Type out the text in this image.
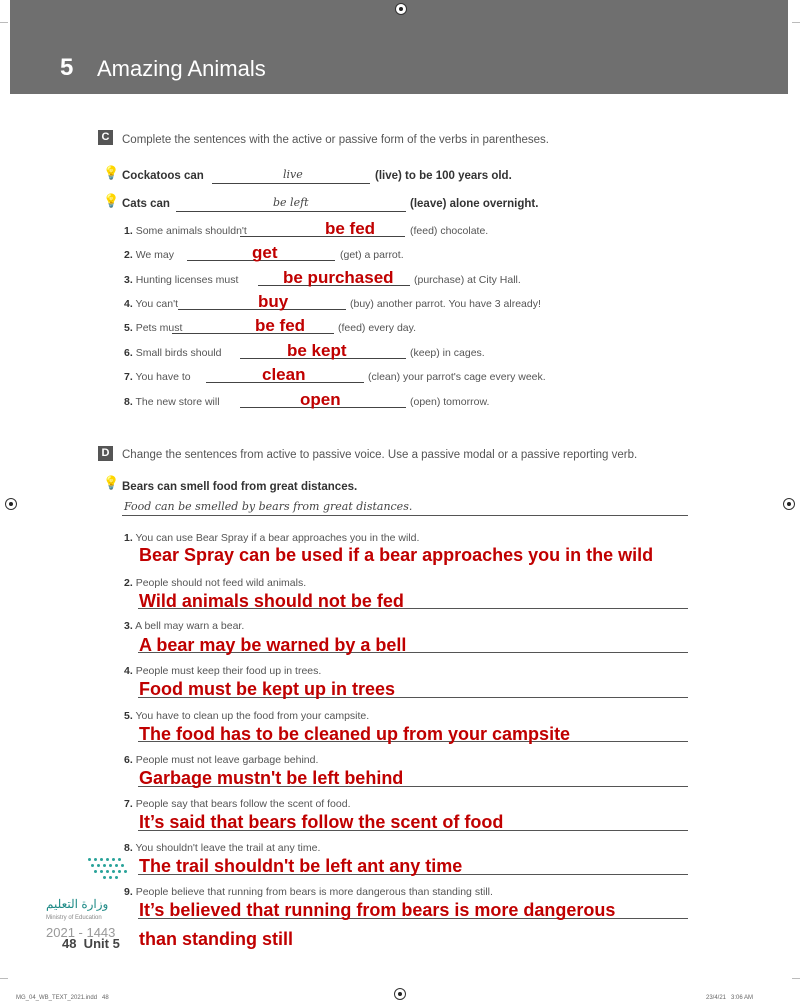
5 Amazing Animals
C	Complete the sentences with the active or passive form of the verbs in parentheses.
💡 Cockatoos can	live	(live) to be 100 years old.
💡 Cats can	be left	(leave) alone overnight.
1. Some animals shouldn't	be fed	(feed) chocolate.
2. We may	get	(get) a parrot.
3. Hunting licenses must	be purchased (purchase) at City Hall.
4. You can't	buy	(buy) another parrot. You have 3 already!
5. Pets must	be fed	(feed) every day.
6. Small birds should	be kept	(keep) in cages.
7. You have to	clean	(clean) your parrot's cage every week.
8. The new store will	open	(open) tomorrow.
D	Change the sentences from active to passive voice. Use a passive modal or a passive reporting verb.
💡 Bears can smell food from great distances.
Food can be smelled by bears from great distances.
1. You can use Bear Spray if a bear approaches you in the wild.
Bear Spray can be used if a bear approaches you in the wild
2. People should not feed wild animals.
Wild animals should not be fed
3. A bell may warn a bear.
A bear may be warned by a bell
4. People must keep their food up in trees.
Food must be kept up in trees
5. You have to clean up the food from your campsite.
The food has to be cleaned up from your campsite
6. People must not leave garbage behind.
Garbage mustn't be left behind
7. People say that bears follow the scent of food.
It’s said that bears follow the scent of food
8. You shouldn't leave the trail at any time.
The trail shouldn't be left ant any time
9. People believe that running from bears is more dangerous than standing still.
It’s believed that running from bears is more dangerous
than standing still
وزارة التعليم
Ministry of Education
2021 - 1443
48  Unit 5
MG_04_WB_TEXT_2021.indd   48	23/4/21   3:06 AM
